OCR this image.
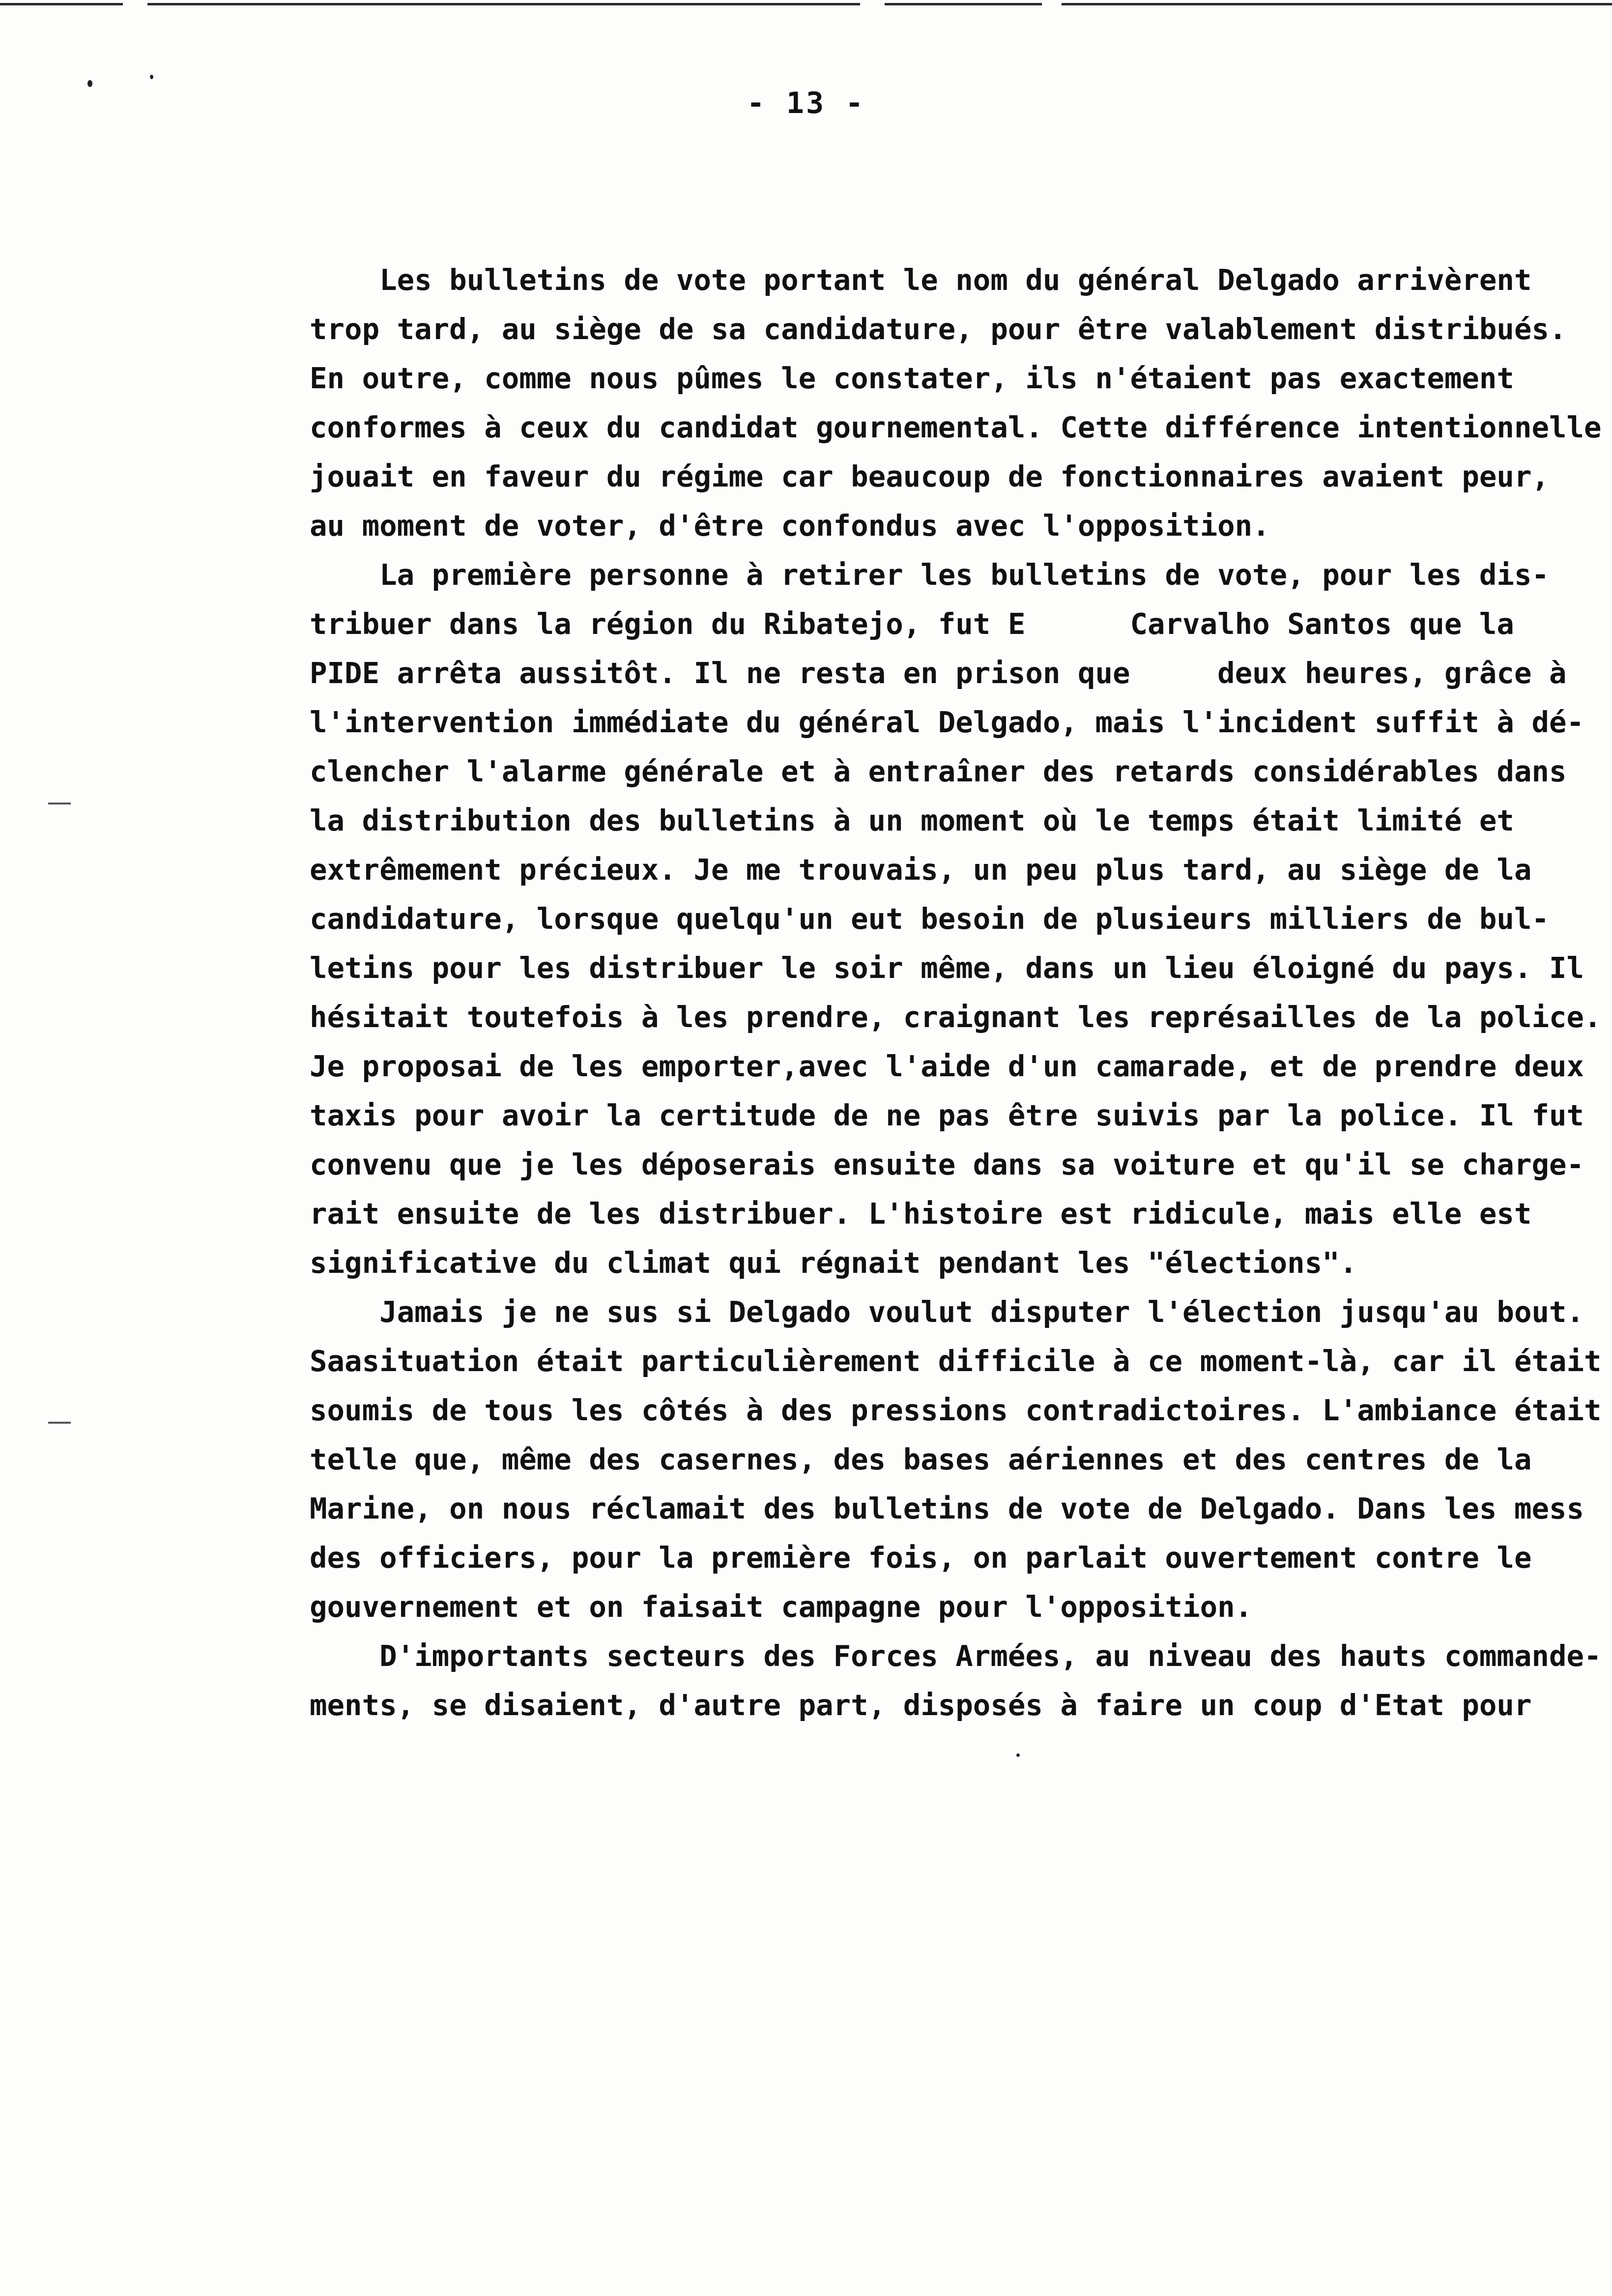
- 13 -
Les bulletins de vote portant le nom du général Delgado arrivèrent
trop tard, au siège de sa candidature, pour être valablement distribués.
En outre, comme nous pûmes le constater, ils n'étaient pas exactement
conformes à ceux du candidat gournemental. Cette différence intentionnelle
jouait en faveur du régime car beaucoup de fonctionnaires avaient peur,
au moment de voter, d'être confondus avec l'opposition.
La première personne à retirer les bulletins de vote, pour les dis-
tribuer dans la région du Ribatejo, fut E      Carvalho Santos que la
PIDE arrêta aussitôt. Il ne resta en prison que     deux heures, grâce à
l'intervention immédiate du général Delgado, mais l'incident suffit à dé-
clencher l'alarme générale et à entraîner des retards considérables dans
la distribution des bulletins à un moment où le temps était limité et
extrêmement précieux. Je me trouvais, un peu plus tard, au siège de la
candidature, lorsque quelqu'un eut besoin de plusieurs milliers de bul-
letins pour les distribuer le soir même, dans un lieu éloigné du pays. Il
hésitait toutefois à les prendre, craignant les représailles de la police.
Je proposai de les emporter,avec l'aide d'un camarade, et de prendre deux
taxis pour avoir la certitude de ne pas être suivis par la police. Il fut
convenu que je les déposerais ensuite dans sa voiture et qu'il se charge-
rait ensuite de les distribuer. L'histoire est ridicule, mais elle est
significative du climat qui régnait pendant les "élections".
Jamais je ne sus si Delgado voulut disputer l'élection jusqu'au bout.
Saasituation était particulièrement difficile à ce moment-là, car il était
soumis de tous les côtés à des pressions contradictoires. L'ambiance était
telle que, même des casernes, des bases aériennes et des centres de la
Marine, on nous réclamait des bulletins de vote de Delgado. Dans les mess
des officiers, pour la première fois, on parlait ouvertement contre le
gouvernement et on faisait campagne pour l'opposition.
D'importants secteurs des Forces Armées, au niveau des hauts commande-
ments, se disaient, d'autre part, disposés à faire un coup d'Etat pour
